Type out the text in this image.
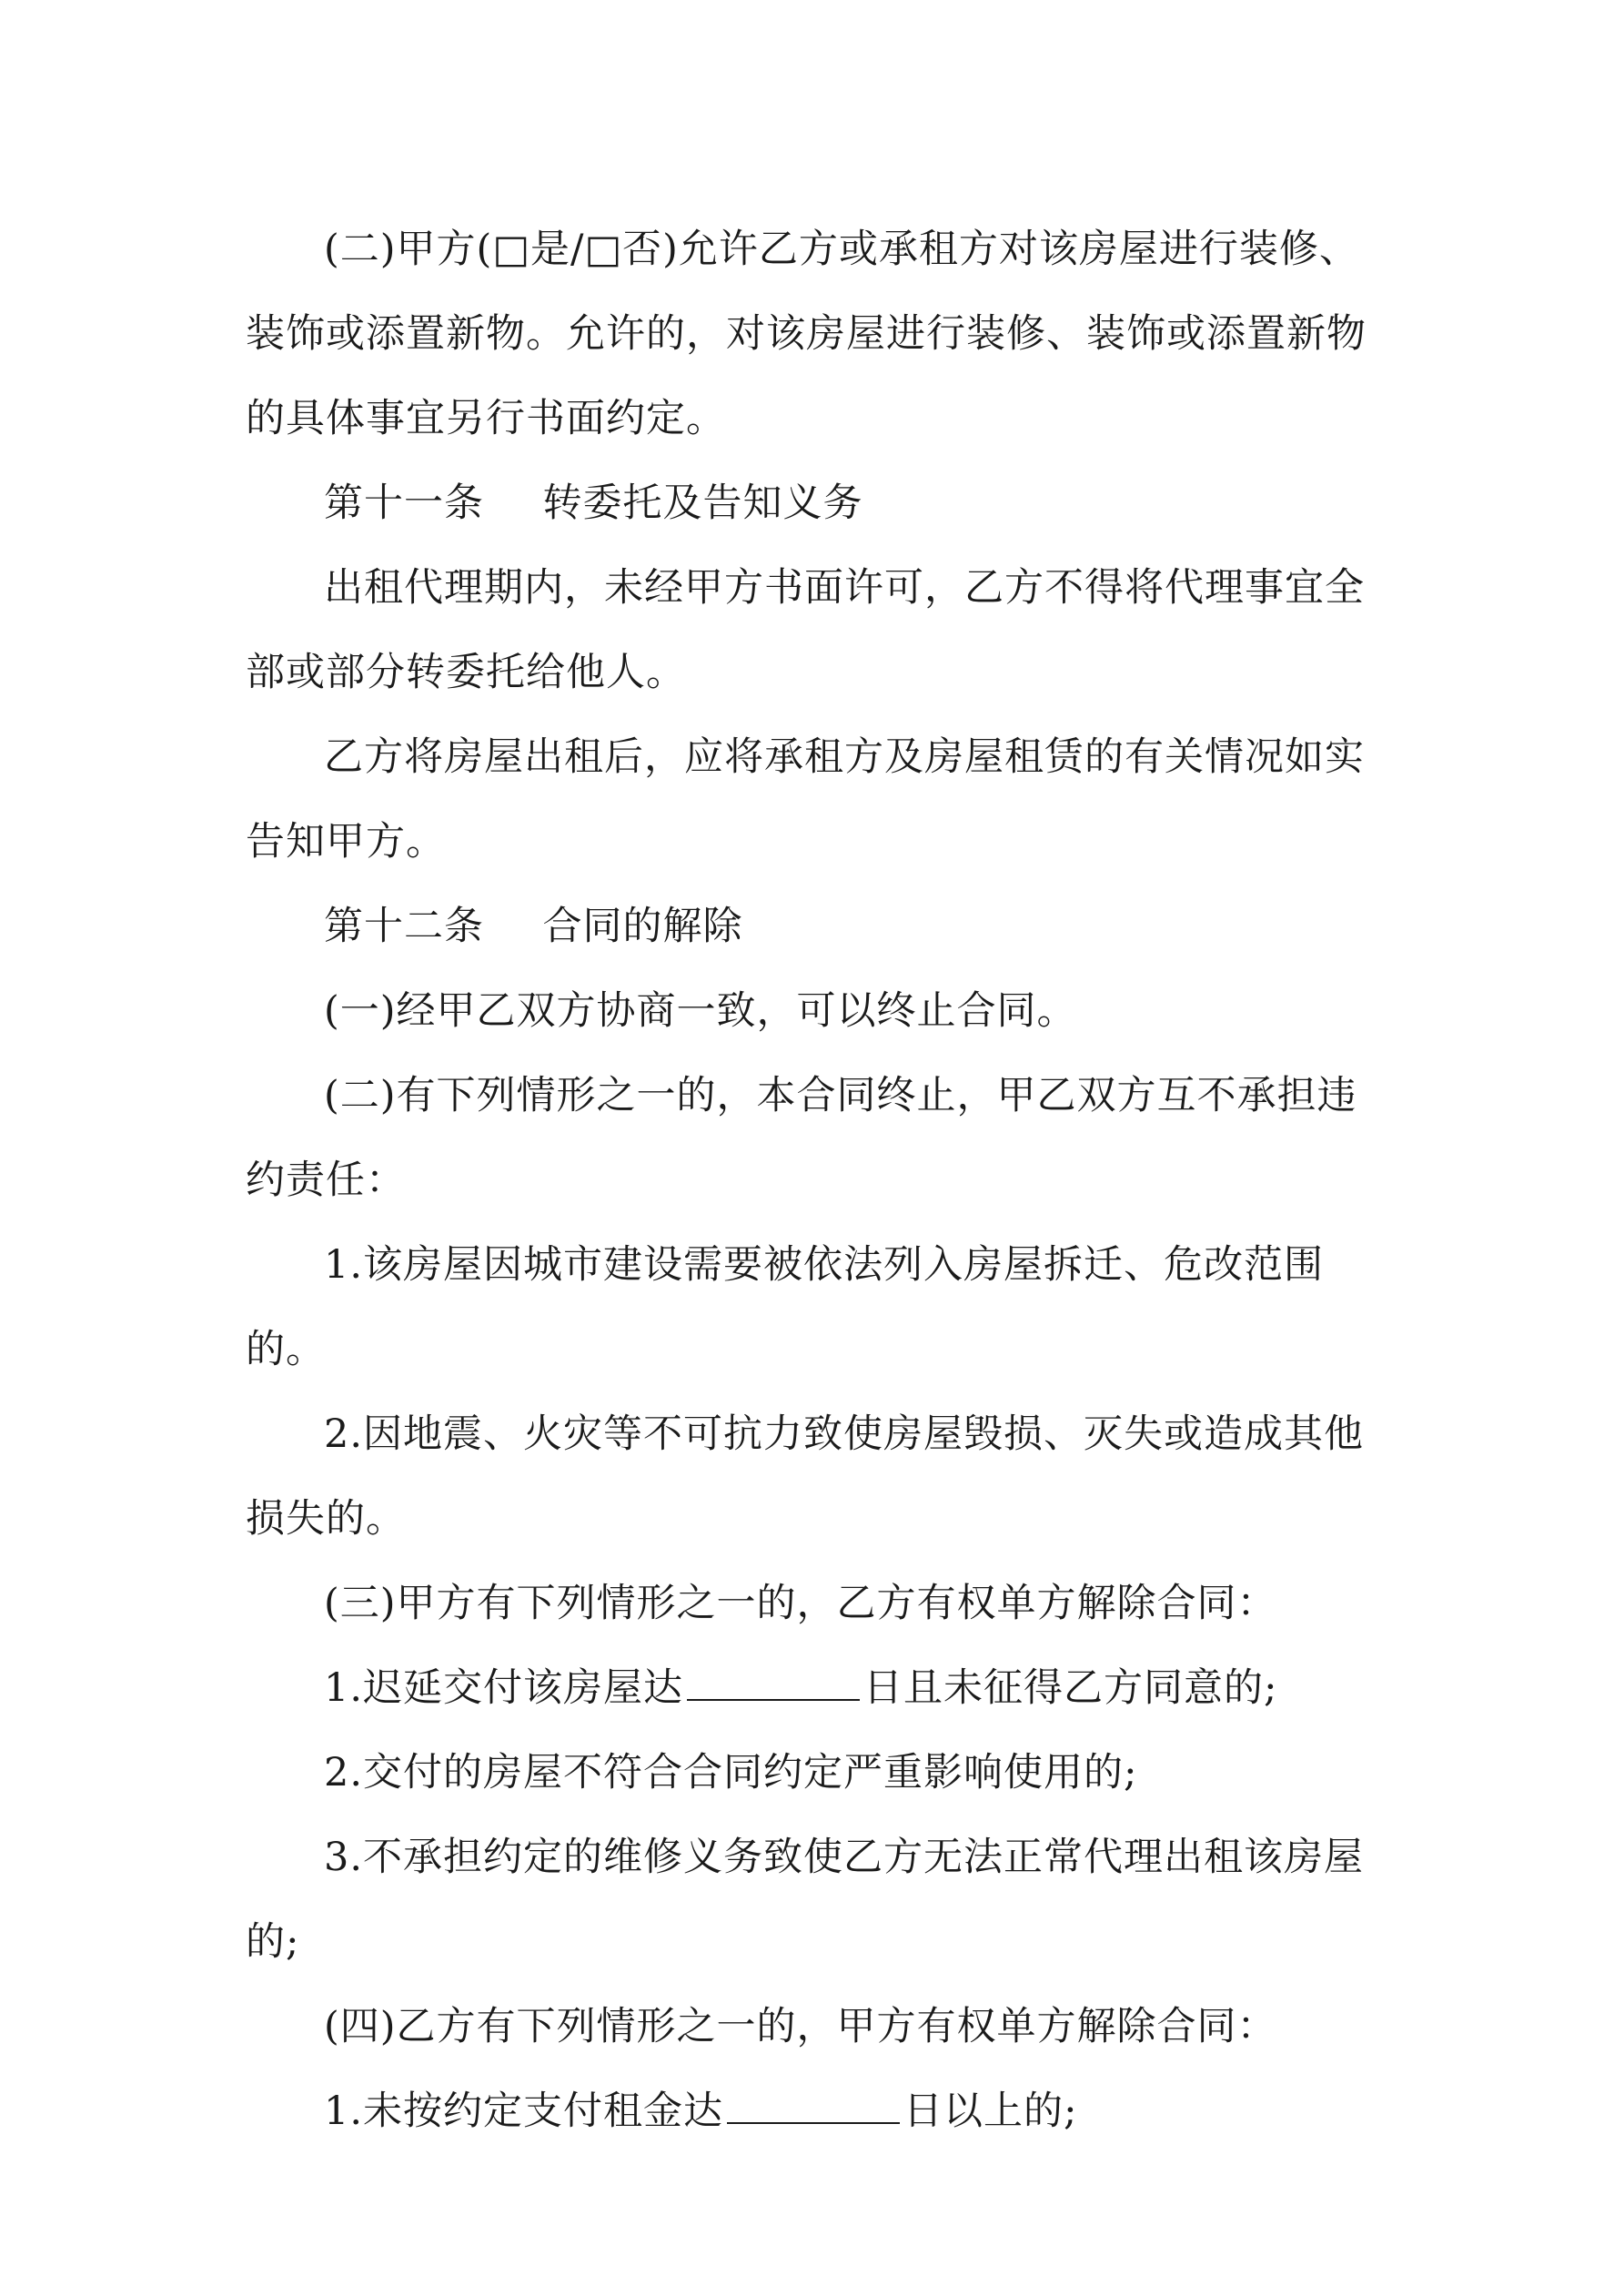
(二)甲方(□是/□否)允许乙方或承租方对该房屋进行装修、装饰或添置新物。允许的，对该房屋进行装修、装饰或添置新物的具体事宜另行书面约定。

第十一条 转委托及告知义务

出租代理期内，未经甲方书面许可，乙方不得将代理事宜全部或部分转委托给他人。

乙方将房屋出租后，应将承租方及房屋租赁的有关情况如实告知甲方。

第十二条 合同的解除

(一)经甲乙双方协商一致，可以终止合同。

(二)有下列情形之一的，本合同终止，甲乙双方互不承担违约责任：

1.该房屋因城市建设需要被依法列入房屋拆迁、危改范围的。

2.因地震、火灾等不可抗力致使房屋毁损、灭失或造成其他损失的。

(三)甲方有下列情形之一的，乙方有权单方解除合同：

1.迟延交付该房屋达	日且未征得乙方同意的;

2.交付的房屋不符合合同约定严重影响使用的;

3.不承担约定的维修义务致使乙方无法正常代理出租该房屋的;

(四)乙方有下列情形之一的，甲方有权单方解除合同：

1.未按约定支付租金达	日以上的;
